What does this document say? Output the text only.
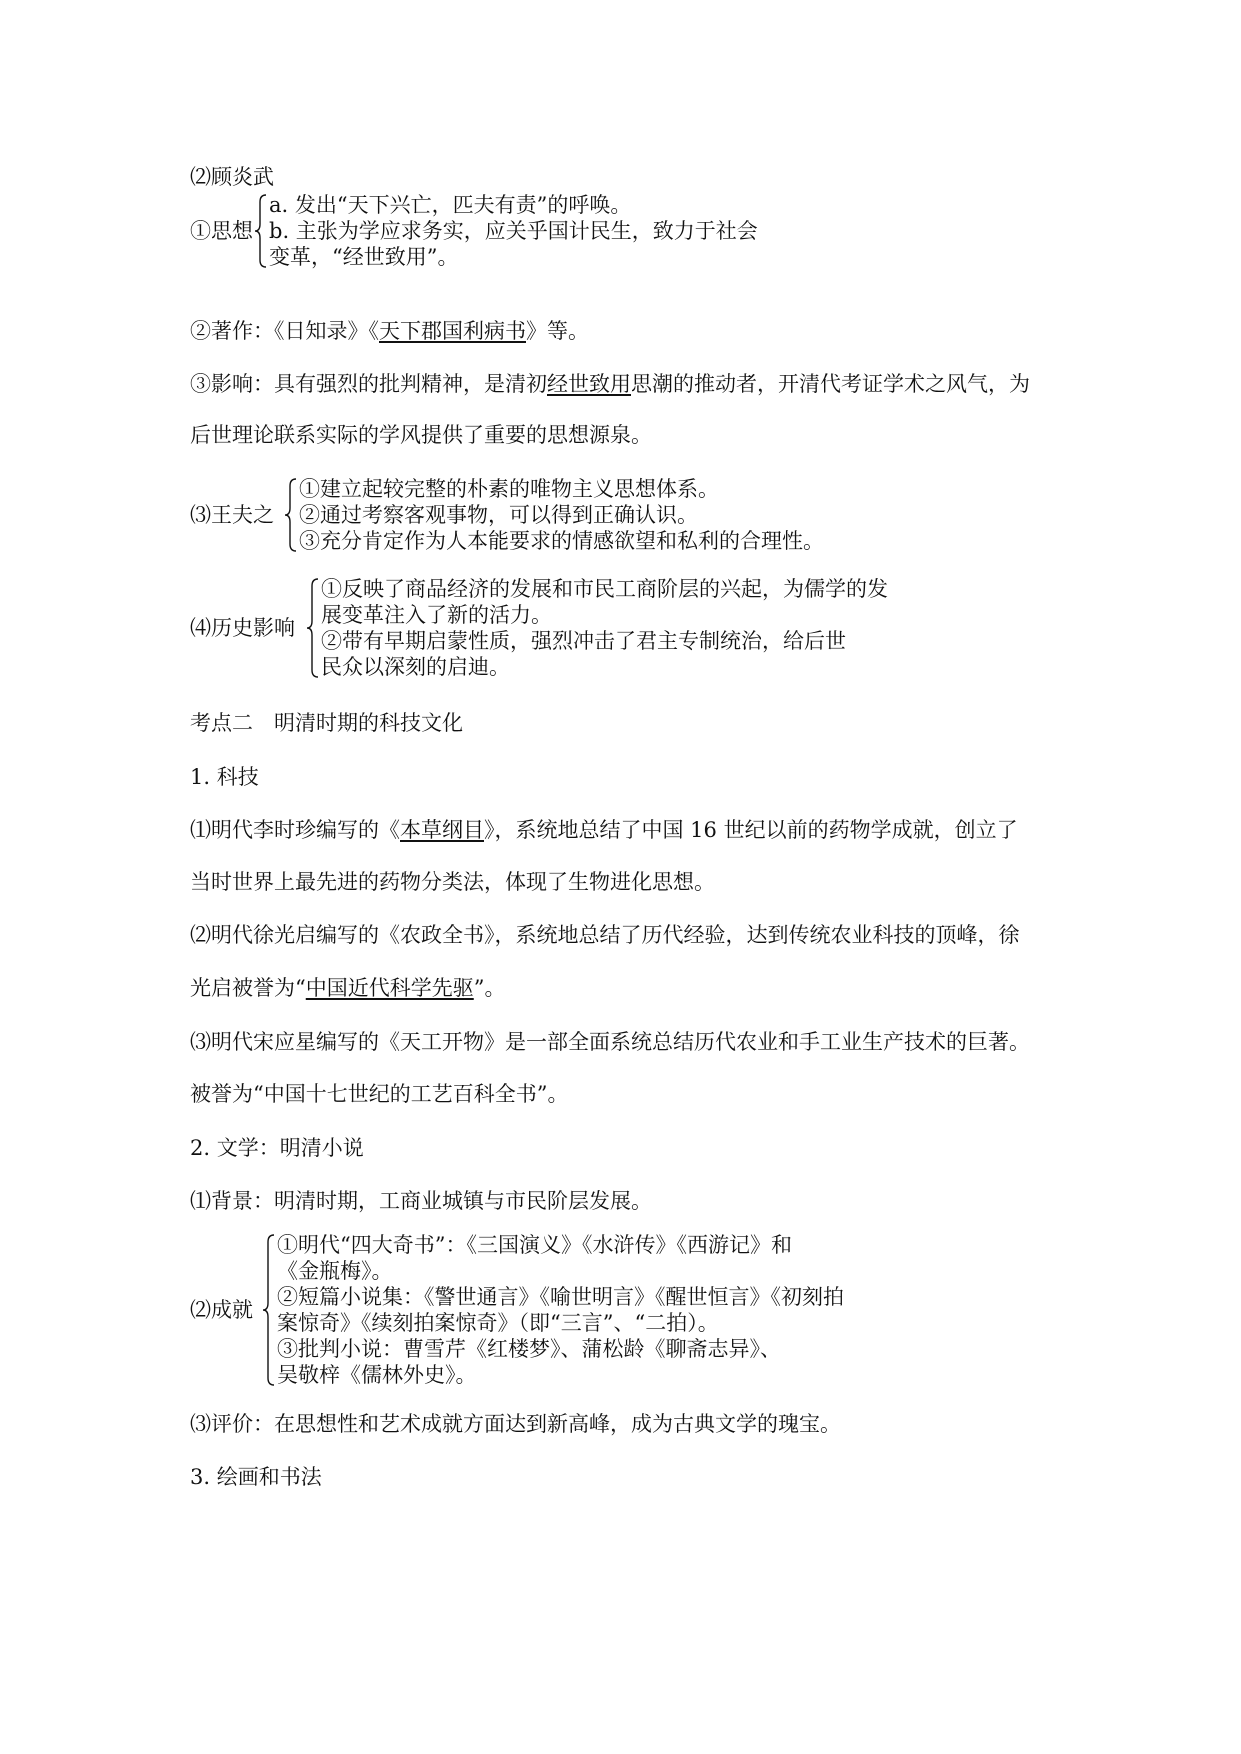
⑵顾炎武
①思想
a. 发出“天下兴亡，匹夫有责”的呼唤。
b. 主张为学应求务实，应关乎国计民生，致力于社会
变革，“经世致用”。
②著作：《日知录》《天下郡国利病书》等。
③影响：具有强烈的批判精神，是清初经世致用思潮的推动者，开清代考证学术之风气，为
后世理论联系实际的学风提供了重要的思想源泉。
⑶王夫之
①建立起较完整的朴素的唯物主义思想体系。
②通过考察客观事物，可以得到正确认识。
③充分肯定作为人本能要求的情感欲望和私利的合理性。
⑷历史影响
①反映了商品经济的发展和市民工商阶层的兴起，为儒学的发
展变革注入了新的活力。
②带有早期启蒙性质，强烈冲击了君主专制统治，给后世
民众以深刻的启迪。
考点二　明清时期的科技文化
1. 科技
⑴明代李时珍编写的《本草纲目》，系统地总结了中国 16 世纪以前的药物学成就，创立了
当时世界上最先进的药物分类法，体现了生物进化思想。
⑵明代徐光启编写的《农政全书》，系统地总结了历代经验，达到传统农业科技的顶峰，徐
光启被誉为“中国近代科学先驱”。
⑶明代宋应星编写的《天工开物》是一部全面系统总结历代农业和手工业生产技术的巨著。
被誉为“中国十七世纪的工艺百科全书”。
2. 文学：明清小说
⑴背景：明清时期，工商业城镇与市民阶层发展。
⑵成就
①明代“四大奇书”：《三国演义》《水浒传》《西游记》和
《金瓶梅》。
②短篇小说集：《警世通言》《喻世明言》《醒世恒言》《初刻拍
案惊奇》《续刻拍案惊奇》（即“三言”、“二拍）。
③批判小说：曹雪芹《红楼梦》、蒲松龄《聊斋志异》、
吴敬梓《儒林外史》。
⑶评价：在思想性和艺术成就方面达到新高峰，成为古典文学的瑰宝。
3. 绘画和书法
